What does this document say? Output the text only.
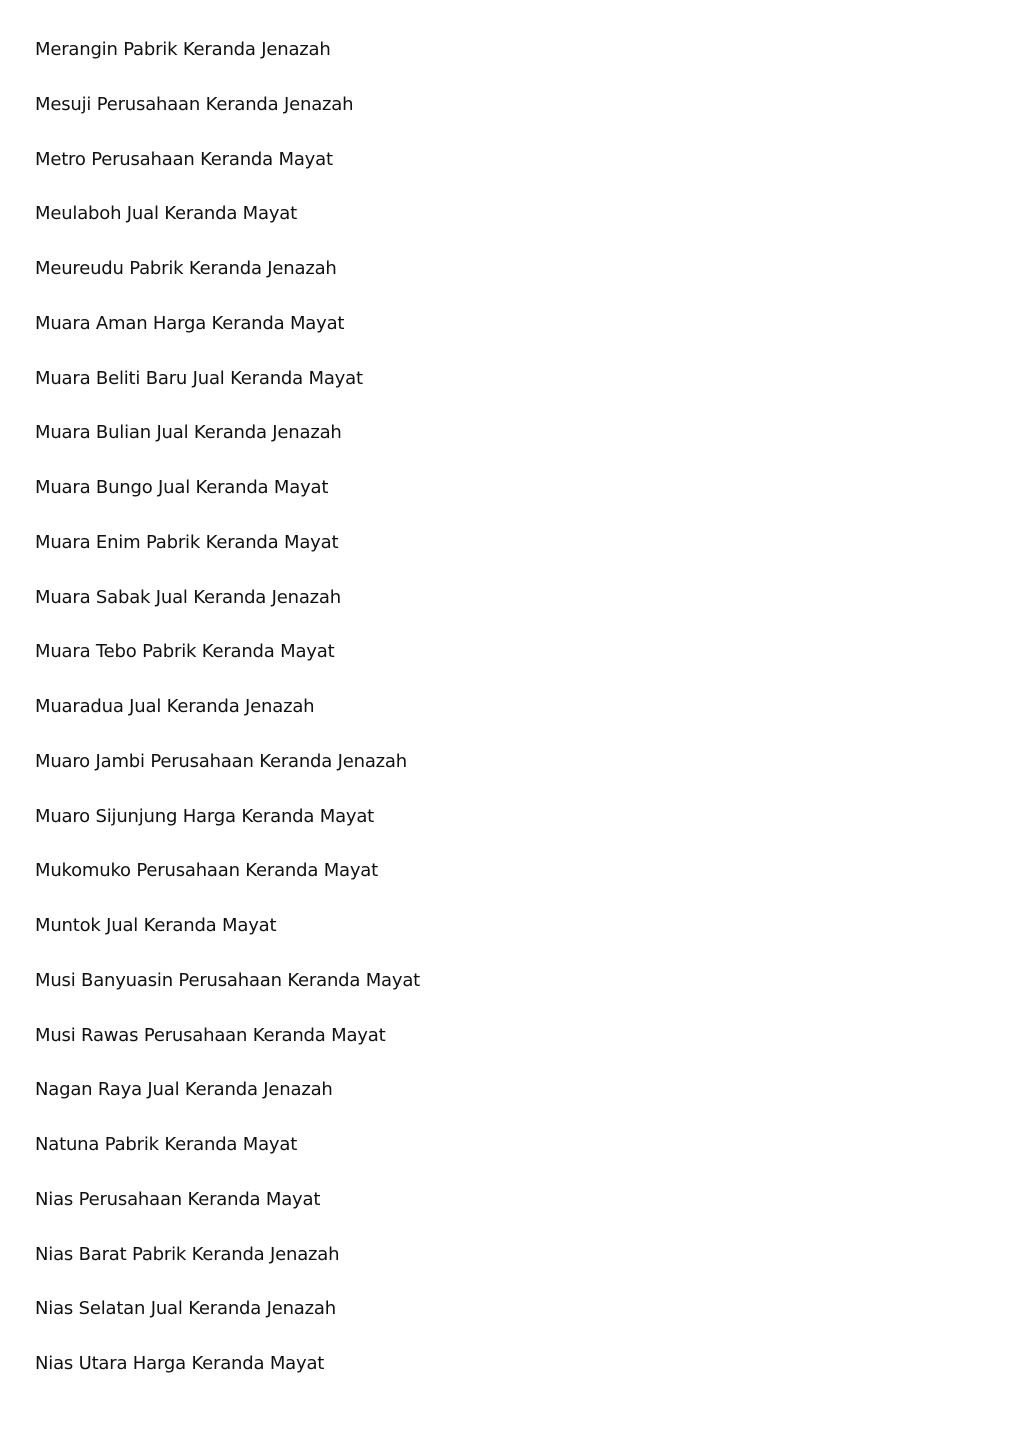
Merangin Pabrik Keranda Jenazah
Mesuji Perusahaan Keranda Jenazah
Metro Perusahaan Keranda Mayat
Meulaboh Jual Keranda Mayat
Meureudu Pabrik Keranda Jenazah
Muara Aman Harga Keranda Mayat
Muara Beliti Baru Jual Keranda Mayat
Muara Bulian Jual Keranda Jenazah
Muara Bungo Jual Keranda Mayat
Muara Enim Pabrik Keranda Mayat
Muara Sabak Jual Keranda Jenazah
Muara Tebo Pabrik Keranda Mayat
Muaradua Jual Keranda Jenazah
Muaro Jambi Perusahaan Keranda Jenazah
Muaro Sijunjung Harga Keranda Mayat
Mukomuko Perusahaan Keranda Mayat
Muntok Jual Keranda Mayat
Musi Banyuasin Perusahaan Keranda Mayat
Musi Rawas Perusahaan Keranda Mayat
Nagan Raya Jual Keranda Jenazah
Natuna Pabrik Keranda Mayat
Nias Perusahaan Keranda Mayat
Nias Barat Pabrik Keranda Jenazah
Nias Selatan Jual Keranda Jenazah
Nias Utara Harga Keranda Mayat
